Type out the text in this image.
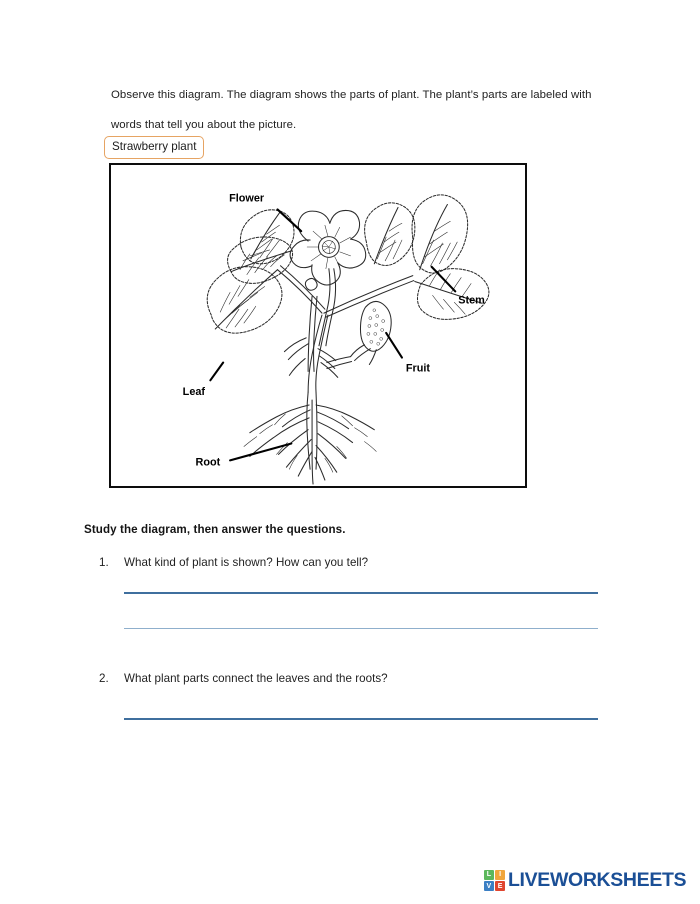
Observe this diagram. The diagram shows the parts of plant. The plant’s parts are labeled with words that tell you about the picture.
Strawberry plant
Flower
Stem
Fruit
Leaf
Root
Study the diagram, then answer the questions.
1. What kind of plant is shown? How can you tell?
2. What plant parts connect the leaves and the roots?
L	I
V E LIVEWORKSHEETS
